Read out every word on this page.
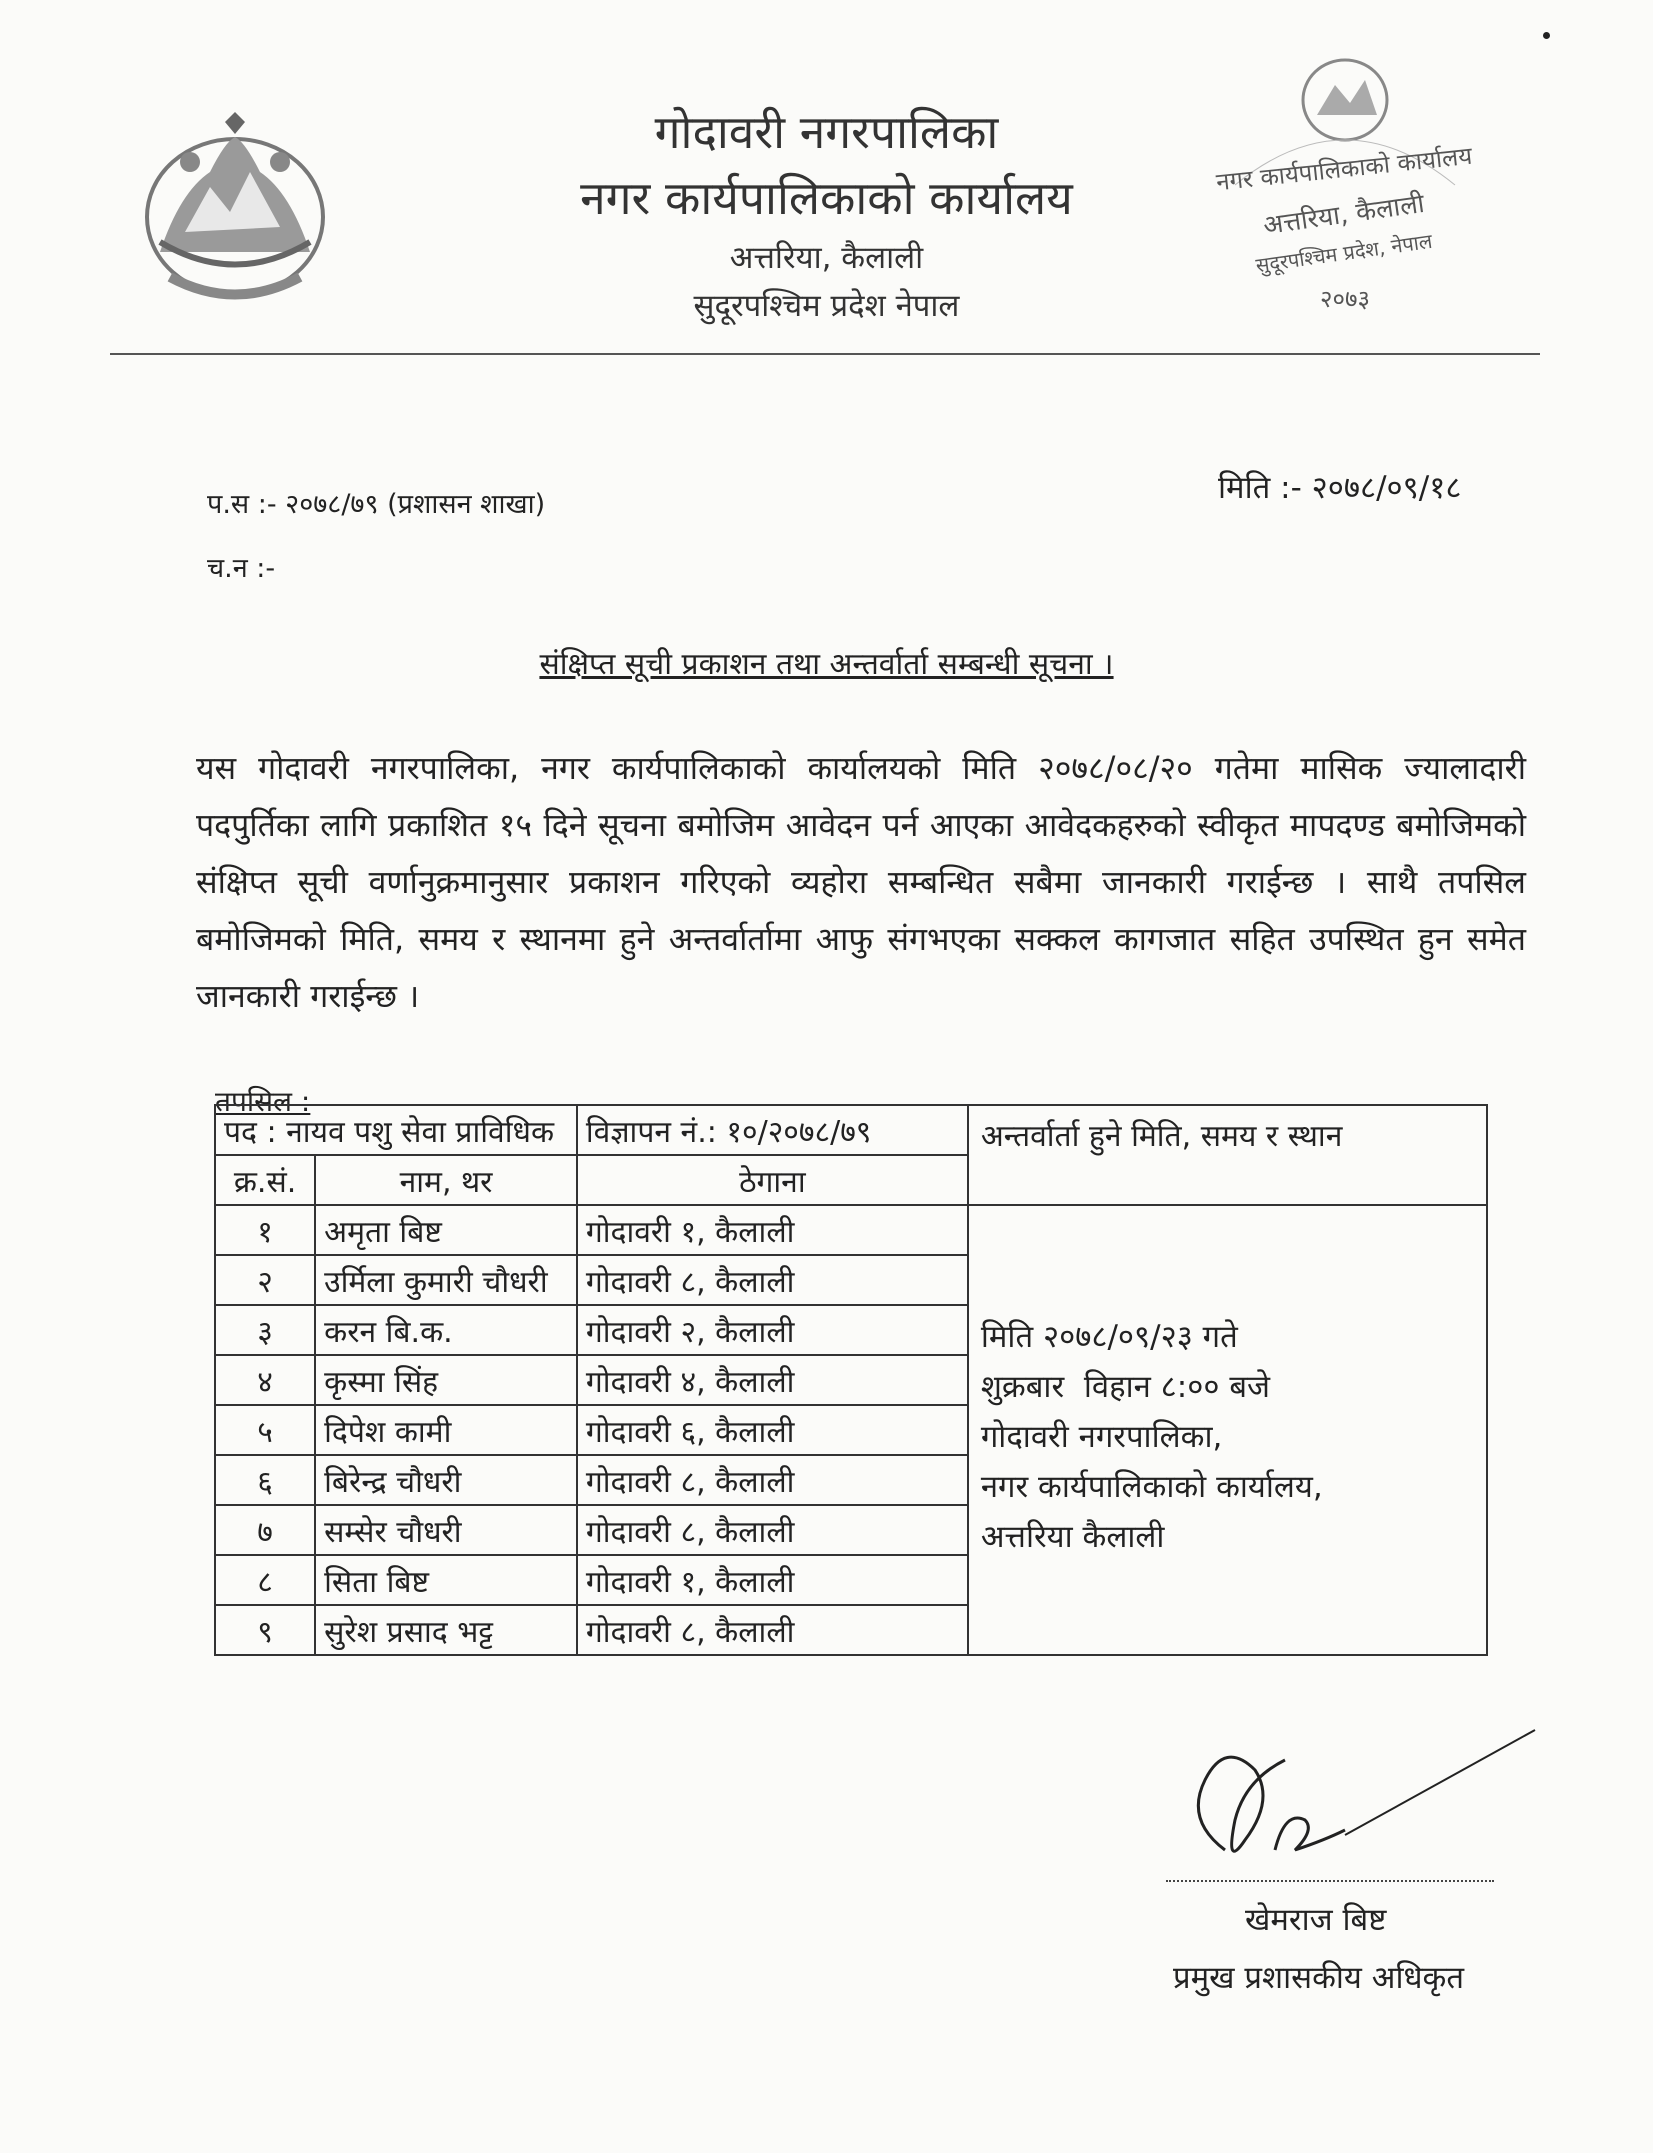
गोदावरी नगरपालिका
नगर कार्यपालिकाको कार्यालय
अत्तरिया, कैलाली
सुदूरपश्चिम प्रदेश नेपाल
नगर कार्यपालिकाको कार्यालय
अत्तरिया, कैलाली
सुदूरपश्चिम प्रदेश, नेपाल
२०७३
प.स :- २०७८/७९ (प्रशासन शाखा)
च.न :-
मिति :- २०७८/०९/१८
संक्षिप्त सूची प्रकाशन तथा अन्तर्वार्ता सम्बन्धी सूचना ।
यस गोदावरी नगरपालिका, नगर कार्यपालिकाको कार्यालयको मिति २०७८/०८/२० गतेमा मासिक ज्यालादारी पदपुर्तिका लागि प्रकाशित १५ दिने सूचना बमोजिम आवेदन पर्न आएका आवेदकहरुको स्वीकृत मापदण्ड बमोजिमको संक्षिप्त सूची वर्णानुक्रमानुसार प्रकाशन गरिएको व्यहोरा सम्बन्धित सबैमा जानकारी गराईन्छ । साथै तपसिल बमोजिमको मिति, समय र स्थानमा हुने अन्तर्वार्तामा आफु संगभएका सक्कल कागजात सहित उपस्थित हुन समेत जानकारी गराईन्छ ।
तपसिल :
पद : नायव पशु सेवा प्राविधिक		विज्ञापन नं.: १०/२०७८/७९	अन्तर्वार्ता हुने मिति, समय र स्थान
क्र.सं.	नाम, थर	ठेगाना	
१	अमृता बिष्ट	गोदावरी १, कैलाली	मिति २०७८/०९/२३ गते
शुक्रबार  विहान ८:०० बजे
गोदावरी नगरपालिका,
नगर कार्यपालिकाको कार्यालय,
अत्तरिया कैलाली

२	उर्मिला कुमारी चौधरी	गोदावरी ८, कैलाली	
३	करन बि.क.	गोदावरी २, कैलाली	
४	कृस्मा सिंह	गोदावरी ४, कैलाली	
५	दिपेश कामी	गोदावरी ६, कैलाली	
६	बिरेन्द्र चौधरी	गोदावरी ८, कैलाली	
७	सम्सेर चौधरी	गोदावरी ८, कैलाली	
८	सिता बिष्ट	गोदावरी १, कैलाली	
९	सुरेश प्रसाद भट्ट	गोदावरी ८, कैलाली	
खेमराज बिष्ट
प्रमुख प्रशासकीय अधिकृत
